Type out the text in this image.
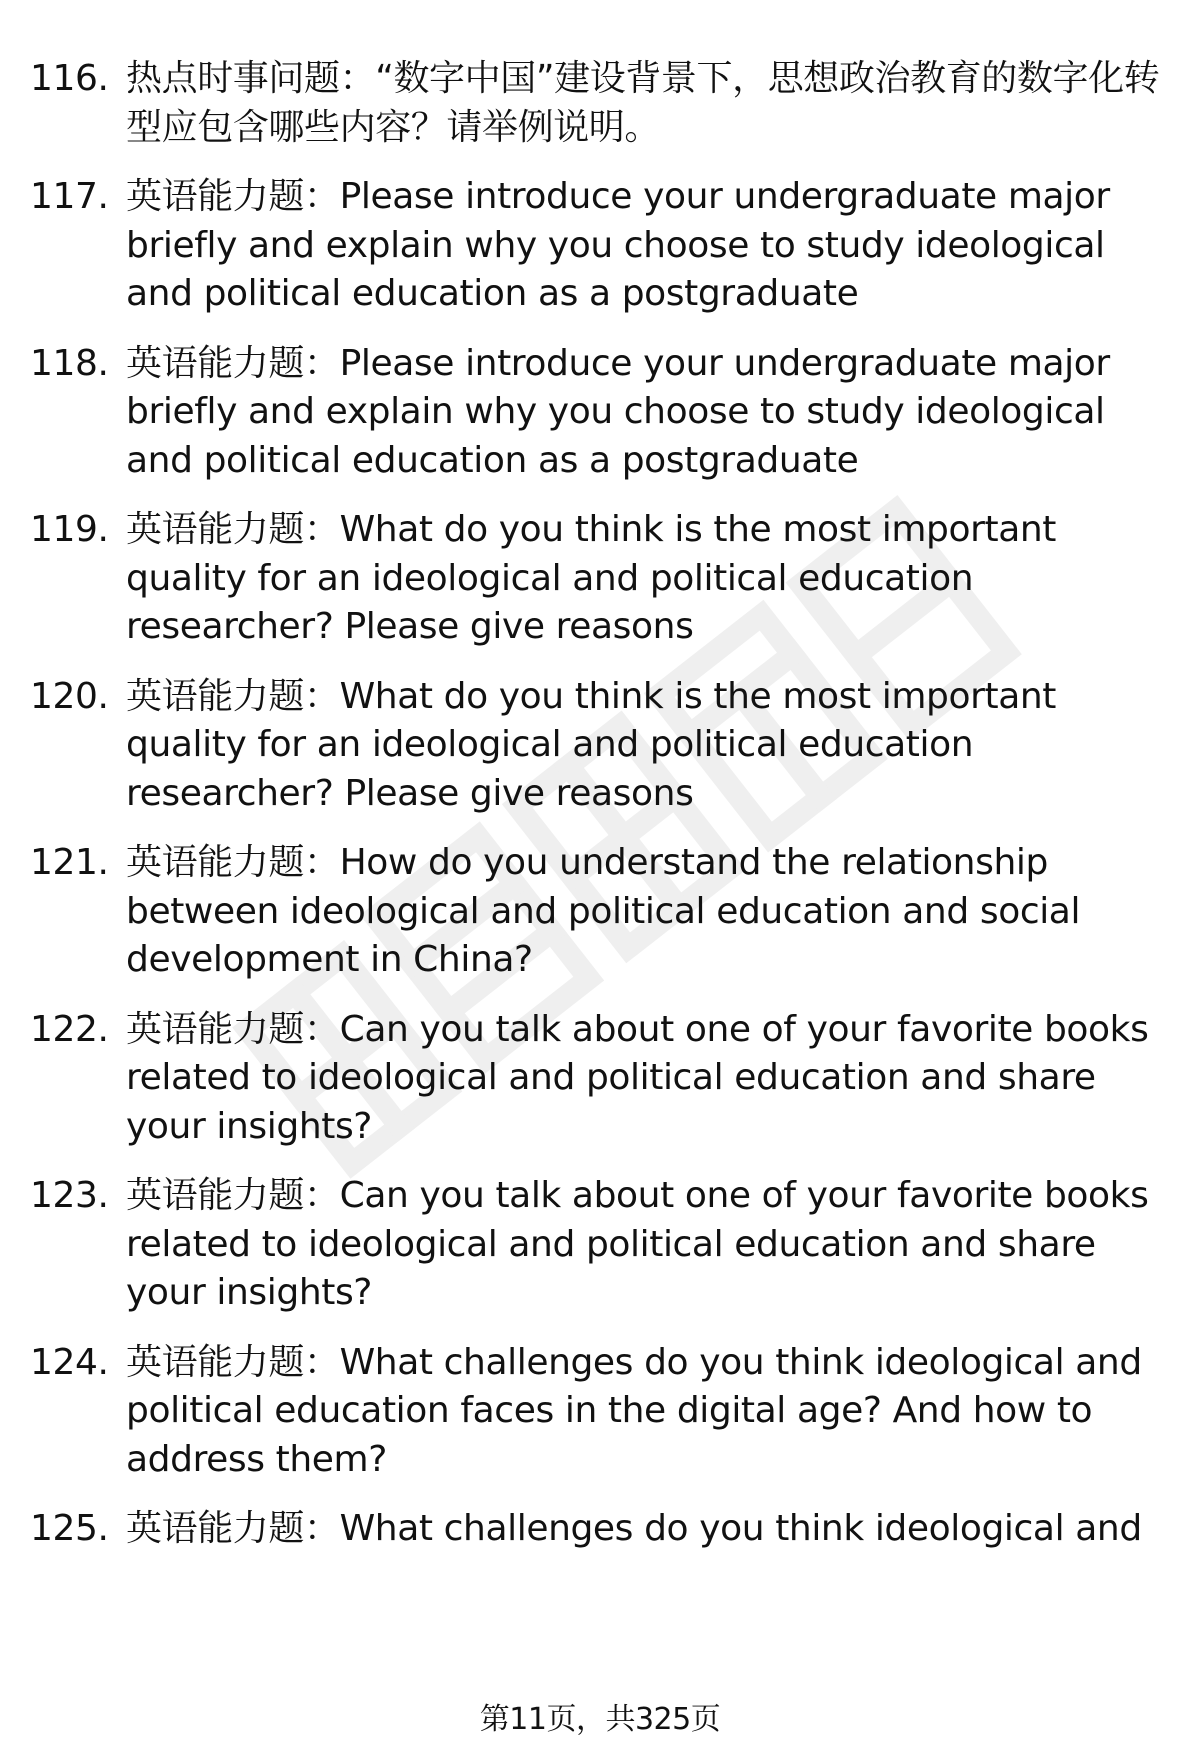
116. 热点时事问题：“数字中国”建设背景下，思想政治教育的数字化转型应包含哪些内容？请举例说明。
117. 英语能力题：Please introduce your undergraduate major briefly and explain why you choose to study ideological and political education as a postgraduate
118. 英语能力题：Please introduce your undergraduate major briefly and explain why you choose to study ideological and political education as a postgraduate
119. 英语能力题：What do you think is the most important quality for an ideological and political education researcher? Please give reasons
120. 英语能力题：What do you think is the most important quality for an ideological and political education researcher? Please give reasons
121. 英语能力题：How do you understand the relationship between ideological and political education and social development in China?
122. 英语能力题：Can you talk about one of your favorite books related to ideological and political education and share your insights?
123. 英语能力题：Can you talk about one of your favorite books related to ideological and political education and share your insights?
124. 英语能力题：What challenges do you think ideological and political education faces in the digital age? And how to address them?
125. 英语能力题：What challenges do you think ideological and
第11页，共325页
